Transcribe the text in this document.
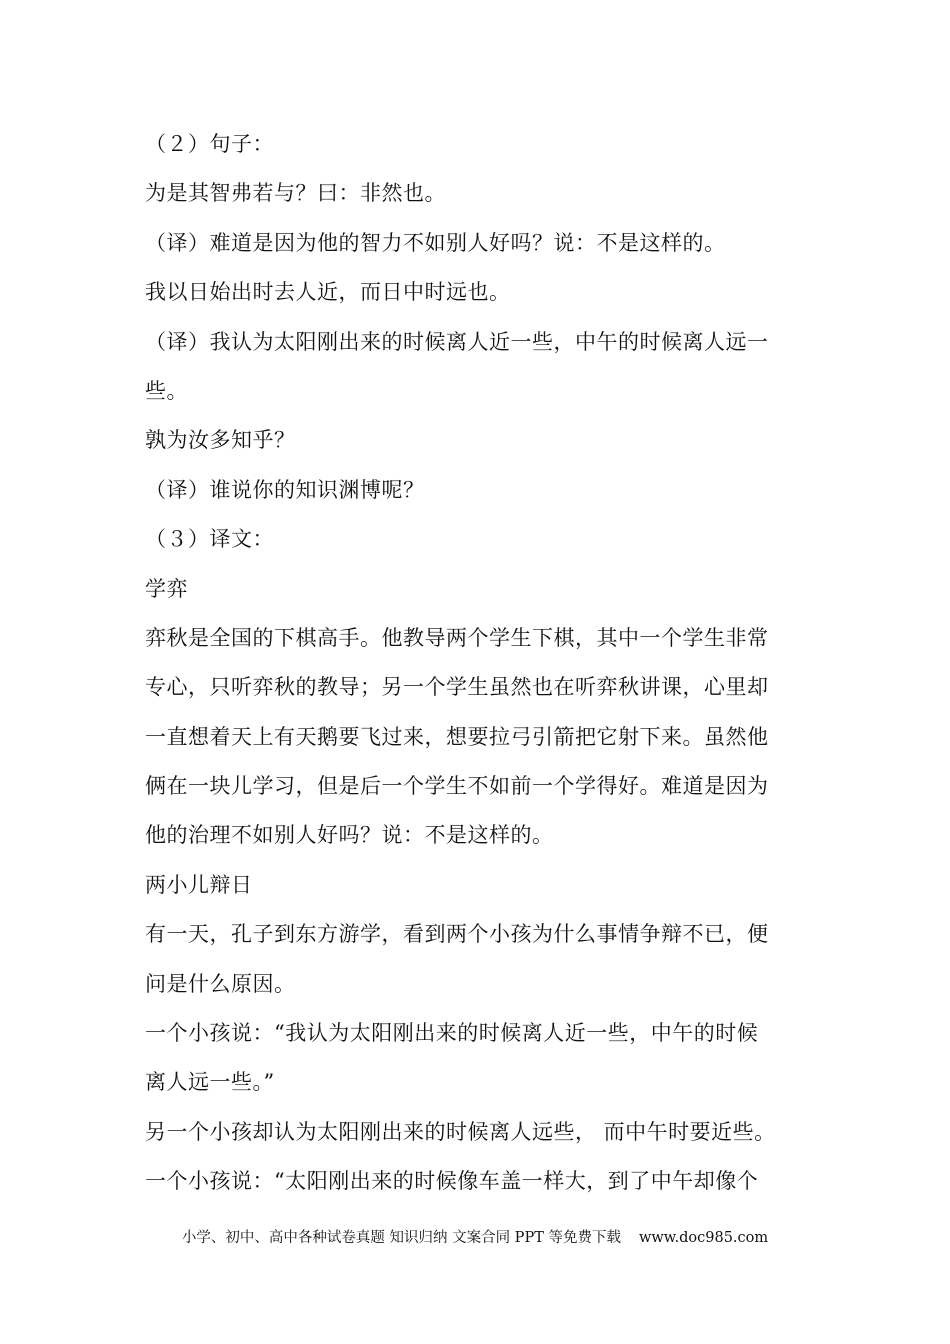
（２）句子：
为是其智弗若与？曰：非然也。
（译）难道是因为他的智力不如别人好吗？说：不是这样的。
我以日始出时去人近，而日中时远也。
（译）我认为太阳刚出来的时候离人近一些，中午的时候离人远一
些。
孰为汝多知乎？
（译）谁说你的知识渊博呢？
（３）译文：
学弈
弈秋是全国的下棋高手。他教导两个学生下棋，其中一个学生非常
专心，只听弈秋的教导；另一个学生虽然也在听弈秋讲课，心里却
一直想着天上有天鹅要飞过来，想要拉弓引箭把它射下来。虽然他
俩在一块儿学习，但是后一个学生不如前一个学得好。难道是因为
他的治理不如别人好吗？说：不是这样的。
两小儿辩日
有一天，孔子到东方游学，看到两个小孩为什么事情争辩不已，便
问是什么原因。
一个小孩说：“我认为太阳刚出来的时候离人近一些，中午的时候
离人远一些。”
另一个小孩却认为太阳刚出来的时候离人远些， 而中午时要近些。
一个小孩说：“太阳刚出来的时候像车盖一样大，到了中午却像个
小学、初中、高中各种试卷真题 知识归纳 文案合同 PPT 等免费下载 www.doc985.com
